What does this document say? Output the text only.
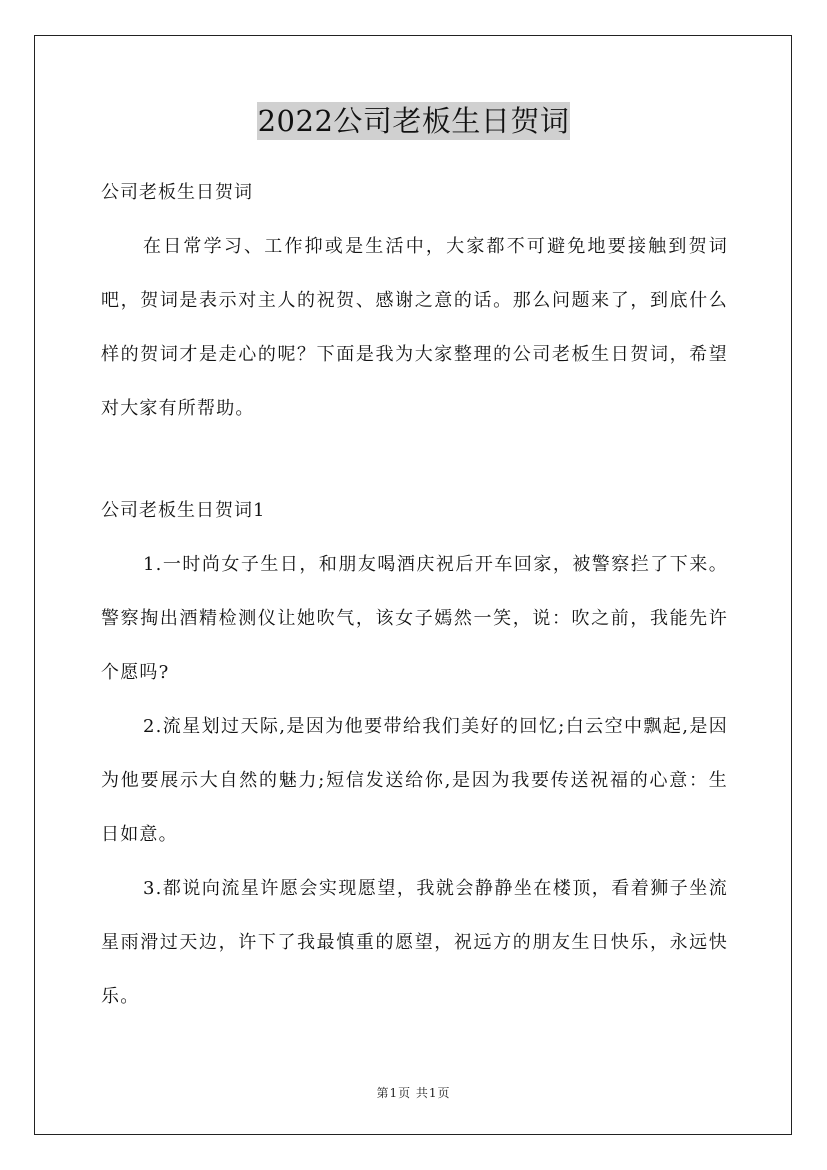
2022公司老板生日贺词

公司老板生日贺词

在日常学习、工作抑或是生活中，大家都不可避免地要接触到贺词吧，贺词是表示对主人的祝贺、感谢之意的话。那么问题来了，到底什么样的贺词才是走心的呢？下面是我为大家整理的公司老板生日贺词，希望对大家有所帮助。

公司老板生日贺词1

1.一时尚女子生日，和朋友喝酒庆祝后开车回家，被警察拦了下来。警察掏出酒精检测仪让她吹气，该女子嫣然一笑，说：吹之前，我能先许个愿吗?

2.流星划过天际,是因为他要带给我们美好的回忆;白云空中飘起,是因为他要展示大自然的魅力;短信发送给你,是因为我要传送祝福的心意：生日如意。

3.都说向流星许愿会实现愿望，我就会静静坐在楼顶，看着狮子坐流星雨滑过天边，许下了我最慎重的愿望，祝远方的朋友生日快乐，永远快乐。

第1页 共1页
